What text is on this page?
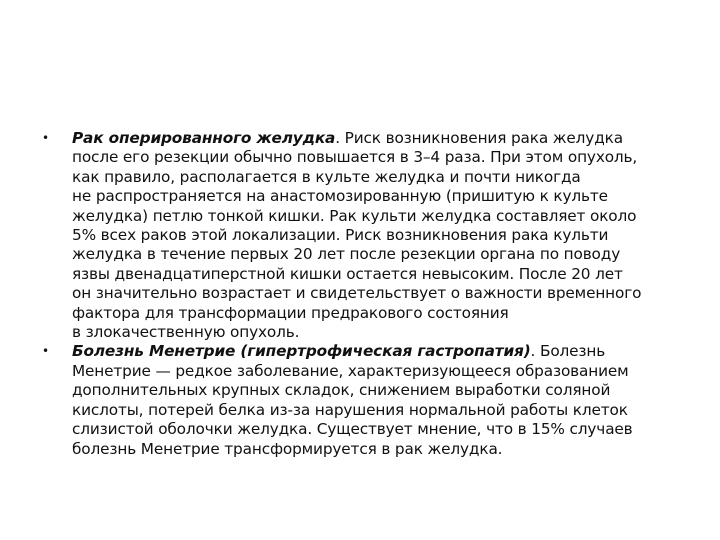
•	Рак оперированного желудка. Риск возникновения рака желудка
после его резекции обычно повышается в 3–4 раза. При этом опухоль,
как правило, располагается в культе желудка и почти никогда
не распространяется на анастомозированную (пришитую к культе
желудка) петлю тонкой кишки. Рак культи желудка составляет около
5% всех раков этой локализации. Риск возникновения рака культи
желудка в течение первых 20 лет после резекции органа по поводу
язвы двенадцатиперстной кишки остается невысоким. После 20 лет
он значительно возрастает и свидетельствует о важности временного
фактора для трансформации предракового состояния
в злокачественную опухоль.
•	Болезнь Менетрие (гипертрофическая гастропатия). Болезнь
Менетрие — редкое заболевание, характеризующееся образованием
дополнительных крупных складок, снижением выработки соляной
кислоты, потерей белка из-за нарушения нормальной работы клеток
слизистой оболочки желудка. Существует мнение, что в 15% случаев
болезнь Менетрие трансформируется в рак желудка.
